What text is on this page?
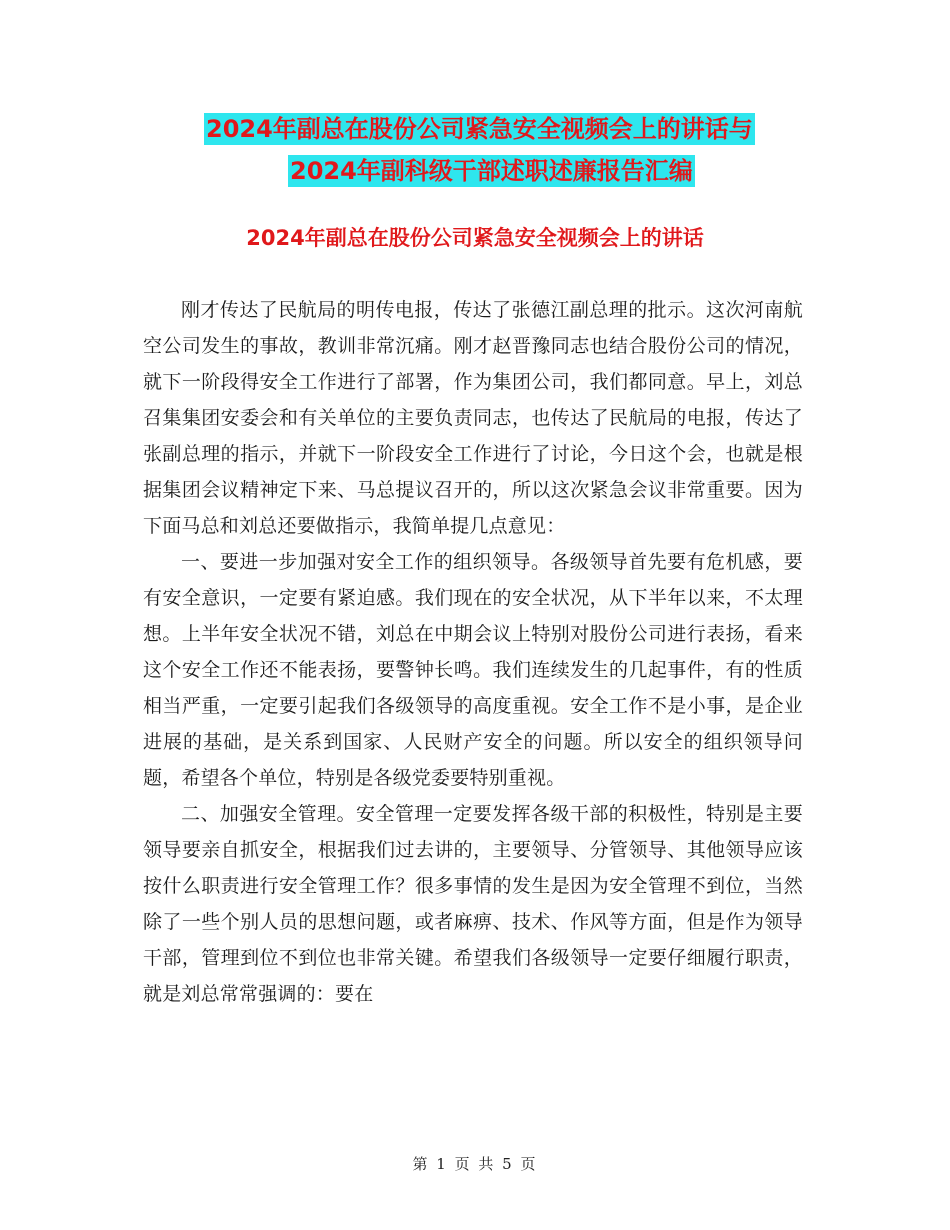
2024年副总在股份公司紧急安全视频会上的讲话与
2024年副科级干部述职述廉报告汇编
2024年副总在股份公司紧急安全视频会上的讲话

刚才传达了民航局的明传电报，传达了张德江副总理的批示。这次河南航空公司发生的事故，教训非常沉痛。刚才赵晋豫同志也结合股份公司的情况，就下一阶段得安全工作进行了部署，作为集团公司，我们都同意。早上，刘总召集集团安委会和有关单位的主要负责同志，也传达了民航局的电报，传达了张副总理的指示，并就下一阶段安全工作进行了讨论，今日这个会，也就是根据集团会议精神定下来、马总提议召开的，所以这次紧急会议非常重要。因为下面马总和刘总还要做指示，我简单提几点意见：

一、要进一步加强对安全工作的组织领导。各级领导首先要有危机感，要有安全意识，一定要有紧迫感。我们现在的安全状况，从下半年以来，不太理想。上半年安全状况不错，刘总在中期会议上特别对股份公司进行表扬，看来这个安全工作还不能表扬，要警钟长鸣。我们连续发生的几起事件，有的性质相当严重，一定要引起我们各级领导的高度重视。安全工作不是小事，是企业进展的基础，是关系到国家、人民财产安全的问题。所以安全的组织领导问题，希望各个单位，特别是各级党委要特别重视。

二、加强安全管理。安全管理一定要发挥各级干部的积极性，特别是主要领导要亲自抓安全，根据我们过去讲的，主要领导、分管领导、其他领导应该按什么职责进行安全管理工作？很多事情的发生是因为安全管理不到位，当然除了一些个别人员的思想问题，或者麻痹、技术、作风等方面，但是作为领导干部，管理到位不到位也非常关键。希望我们各级领导一定要仔细履行职责，就是刘总常常强调的：要在

第 1 页 共 5 页
